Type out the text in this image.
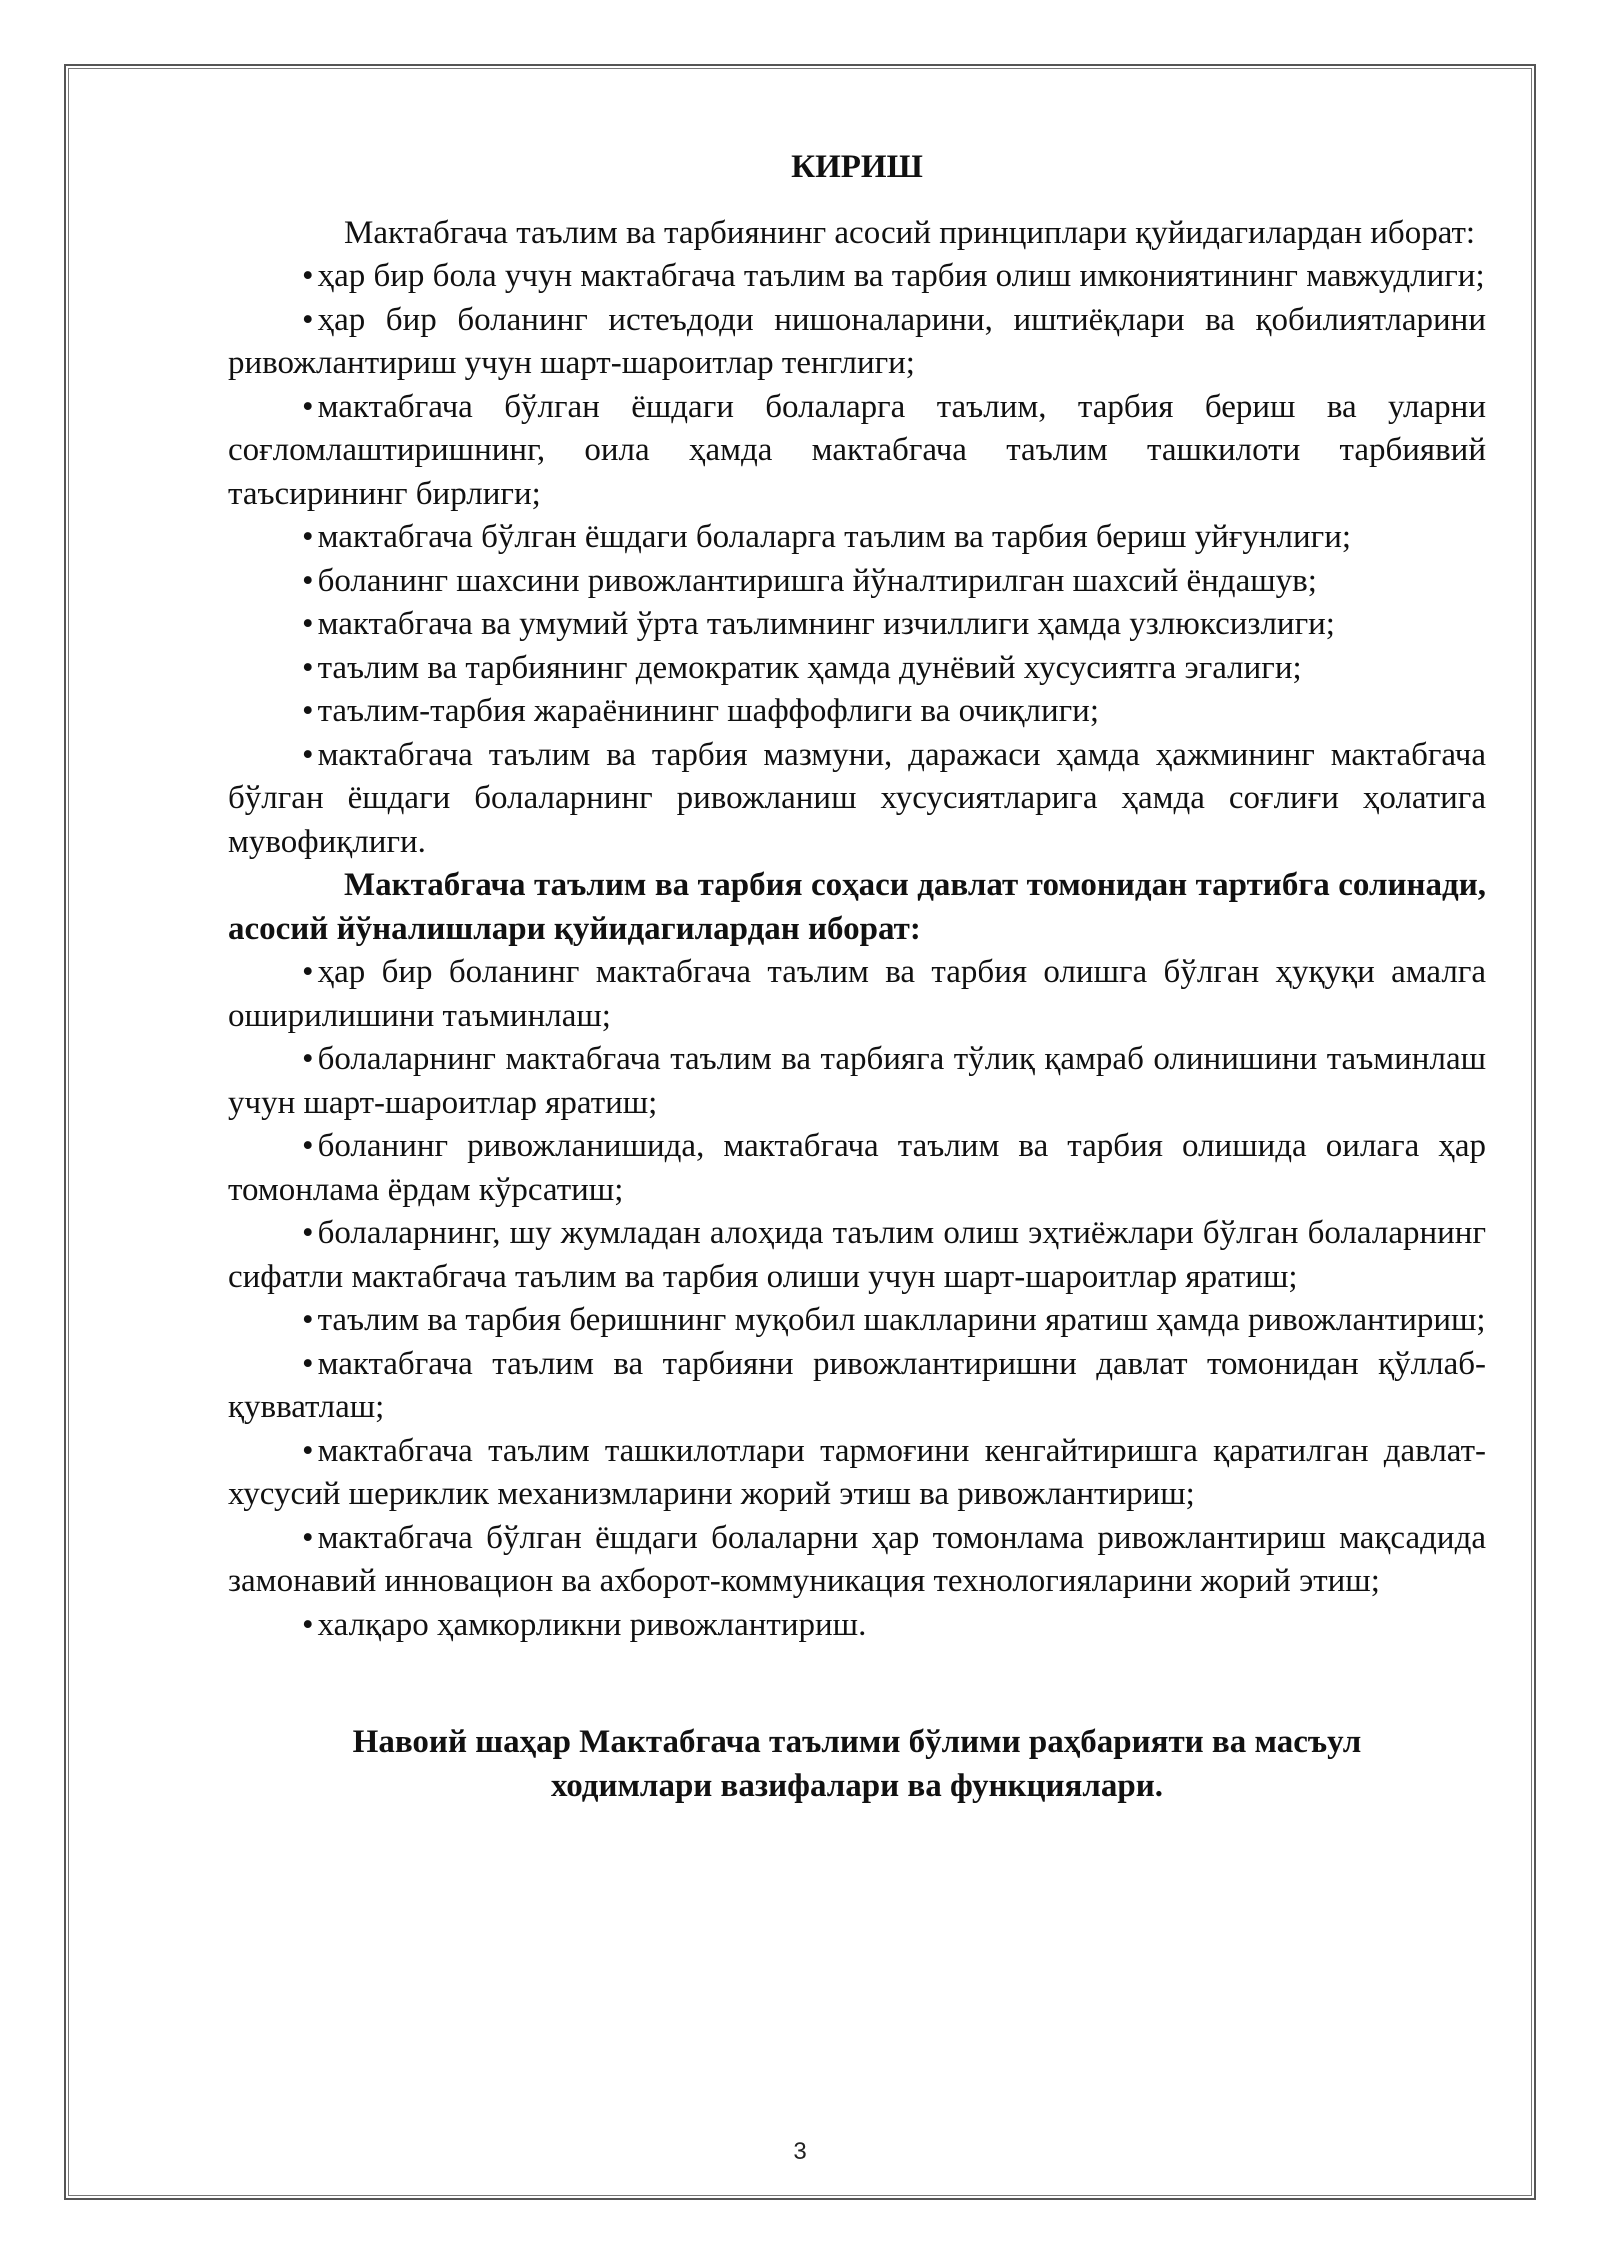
КИРИШ

Мактабгача таълим ва тарбиянинг асосий принциплари қуйидагилардан иборат:

• ҳар бир бола учун мактабгача таълим ва тарбия олиш имкониятининг мавжудлиги;
• ҳар бир боланинг истеъдоди нишоналарини, иштиёқлари ва қобилиятларини ривожлантириш учун шарт-шароитлар тенглиги;
• мактабгача бўлган ёшдаги болаларга таълим, тарбия бериш ва уларни соғломлаштиришнинг, оила ҳамда мактабгача таълим ташкилоти тарбиявий таъсирининг бирлиги;
• мактабгача бўлган ёшдаги болаларга таълим ва тарбия бериш уйғунлиги;
• боланинг шахсини ривожлантиришга йўналтирилган шахсий ёндашув;
• мактабгача ва умумий ўрта таълимнинг изчиллиги ҳамда узлюксизлиги;
• таълим ва тарбиянинг демократик ҳамда дунёвий хусусиятга эгалиги;
• таълим-тарбия жараёнининг шаффофлиги ва очиқлиги;
• мактабгача таълим ва тарбия мазмуни, даражаси ҳамда ҳажмининг мактабгача бўлган ёшдаги болаларнинг ривожланиш хусусиятларига ҳамда соғлиғи ҳолатига мувофиқлиги.

Мактабгача таълим ва тарбия соҳаси давлат томонидан тартибга солинади, асосий йўналишлари қуйидагилардан иборат:

• ҳар бир боланинг мактабгача таълим ва тарбия олишга бўлган ҳуқуқи амалга оширилишини таъминлаш;
• болаларнинг мактабгача таълим ва тарбияга тўлиқ қамраб олинишини таъминлаш учун шарт-шароитлар яратиш;
• боланинг ривожланишида, мактабгача таълим ва тарбия олишида оилага ҳар томонлама ёрдам кўрсатиш;
• болаларнинг, шу жумладан алоҳида таълим олиш эҳтиёжлари бўлган болаларнинг сифатли мактабгача таълим ва тарбия олиши учун шарт-шароитлар яратиш;
• таълим ва тарбия беришнинг муқобил шаклларини яратиш ҳамда ривожлантириш;
• мактабгача таълим ва тарбияни ривожлантиришни давлат томонидан қўллаб-қувватлаш;
• мактабгача таълим ташкилотлари тармоғини кенгайтиришга қаратилган давлат-хусусий шериклик механизмларини жорий этиш ва ривожлантириш;
• мактабгача бўлган ёшдаги болаларни ҳар томонлама ривожлантириш мақсадида замонавий инновацион ва ахборот-коммуникация технологияларини жорий этиш;
• халқаро ҳамкорликни ривожлантириш.
Навоий шаҳар Мактабгача таълими бўлими раҳбарияти ва масъул ходимлари вазифалари ва функциялари.
3
